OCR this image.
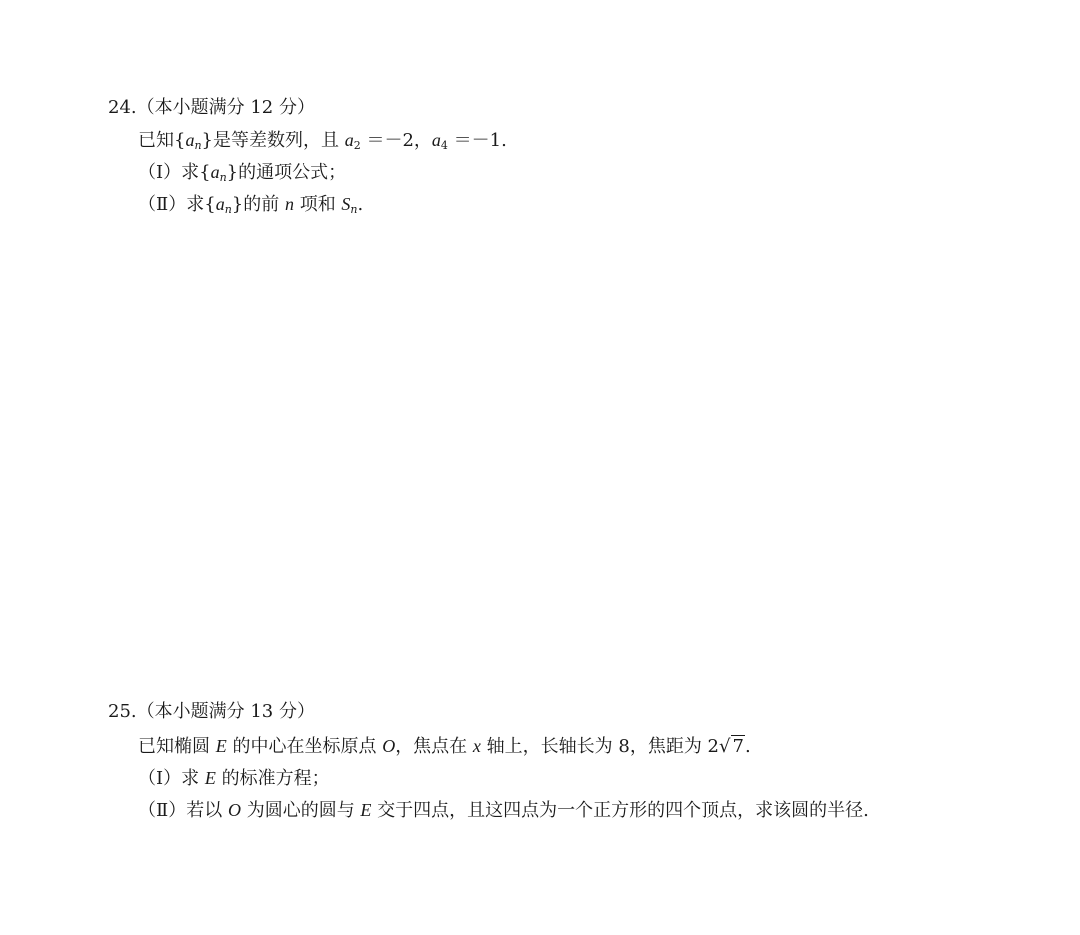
24.（本小题满分 12 分）
已知$\{a_n\}$是等差数列，且 $a_2 =-2$，$a_4 =-1$.
（Ⅰ）求$\{a_n\}$的通项公式；
（Ⅱ）求$\{a_n\}$的前 n 项和 $S_n$.
25.（本小题满分 13 分）
已知椭圆 E 的中心在坐标原点 O，焦点在 x 轴上，长轴长为 8，焦距为 2√ 7.
（Ⅰ）求 E 的标准方程；
（Ⅱ）若以 O 为圆心的圆与 E 交于四点，且这四点为一个正方形的四个顶点，求该圆的半径.
